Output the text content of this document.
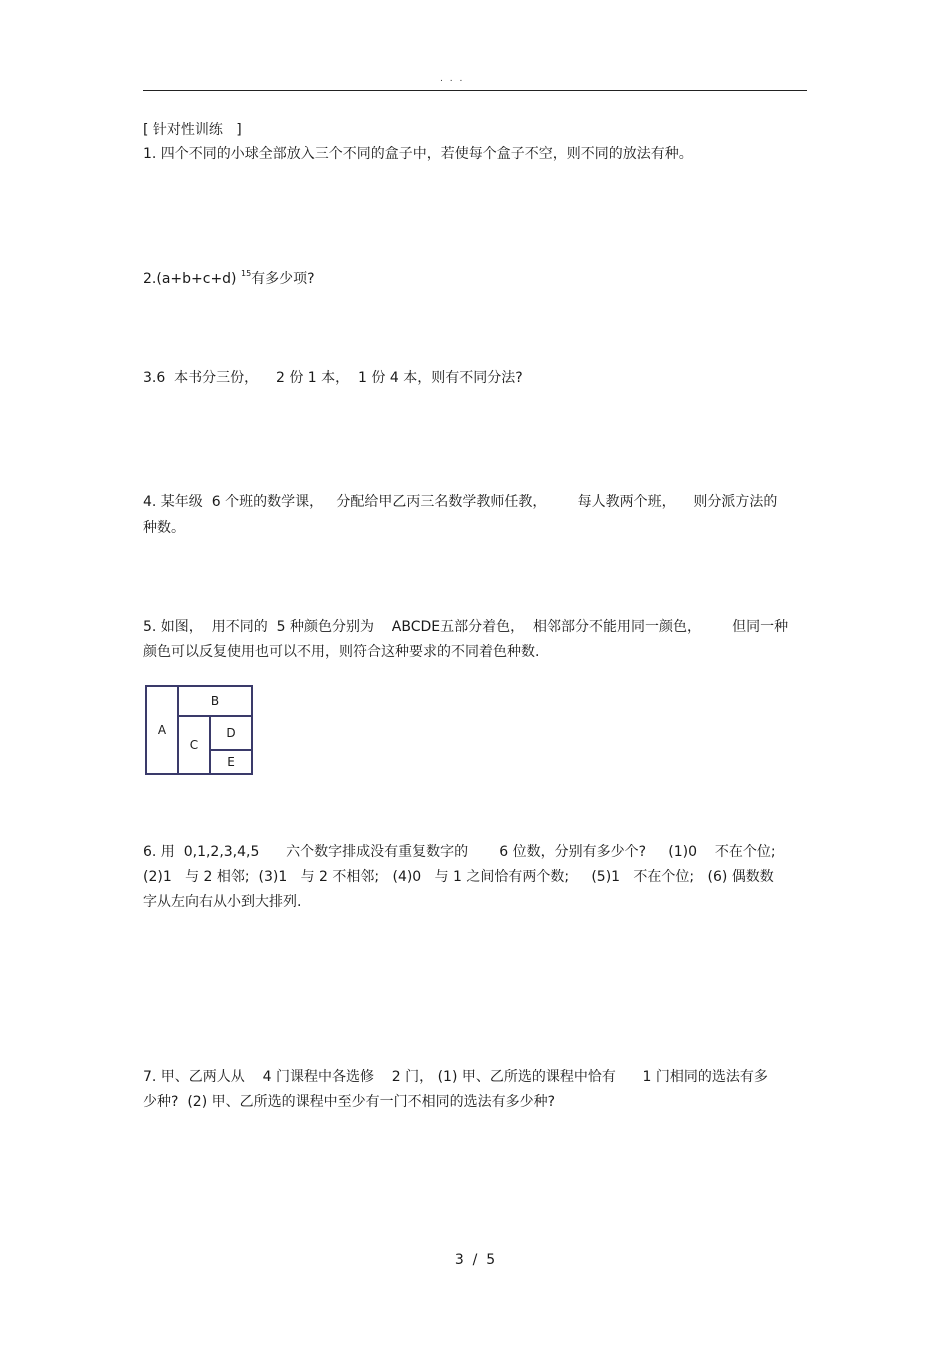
. . .
[ 针对性训练   ]
1. 四个不同的小球全部放入三个不同的盒子中，若使每个盒子不空，则不同的放法有种。
2.(a+b+c+d) $^{15}$有多少项?
3.6  本书分三份，    2 份 1 本，  1 份 4 本，则有不同分法?
4. 某年级  6 个班的数学课，   分配给甲乙丙三名数学教师任教，       每人教两个班，    则分派方法的
种数。
5. 如图，  用不同的  5 种颜色分别为    ABCDE五部分着色，  相邻部分不能用同一颜色，       但同一种
颜色可以反复使用也可以不用，则符合这种要求的不同着色种数.
A
B
C
D
E
6. 用  0,1,2,3,4,5      六个数字排成没有重复数字的       6 位数，分别有多少个?     (1)0    不在个位;
(2)1   与 2 相邻;  (3)1   与 2 不相邻;   (4)0   与 1 之间恰有两个数;     (5)1   不在个位;   (6) 偶数数
字从左向右从小到大排列.
7. 甲、乙两人从    4 门课程中各选修    2 门， (1) 甲、乙所选的课程中恰有      1 门相同的选法有多
少种?  (2) 甲、乙所选的课程中至少有一门不相同的选法有多少种?
3  /  5
